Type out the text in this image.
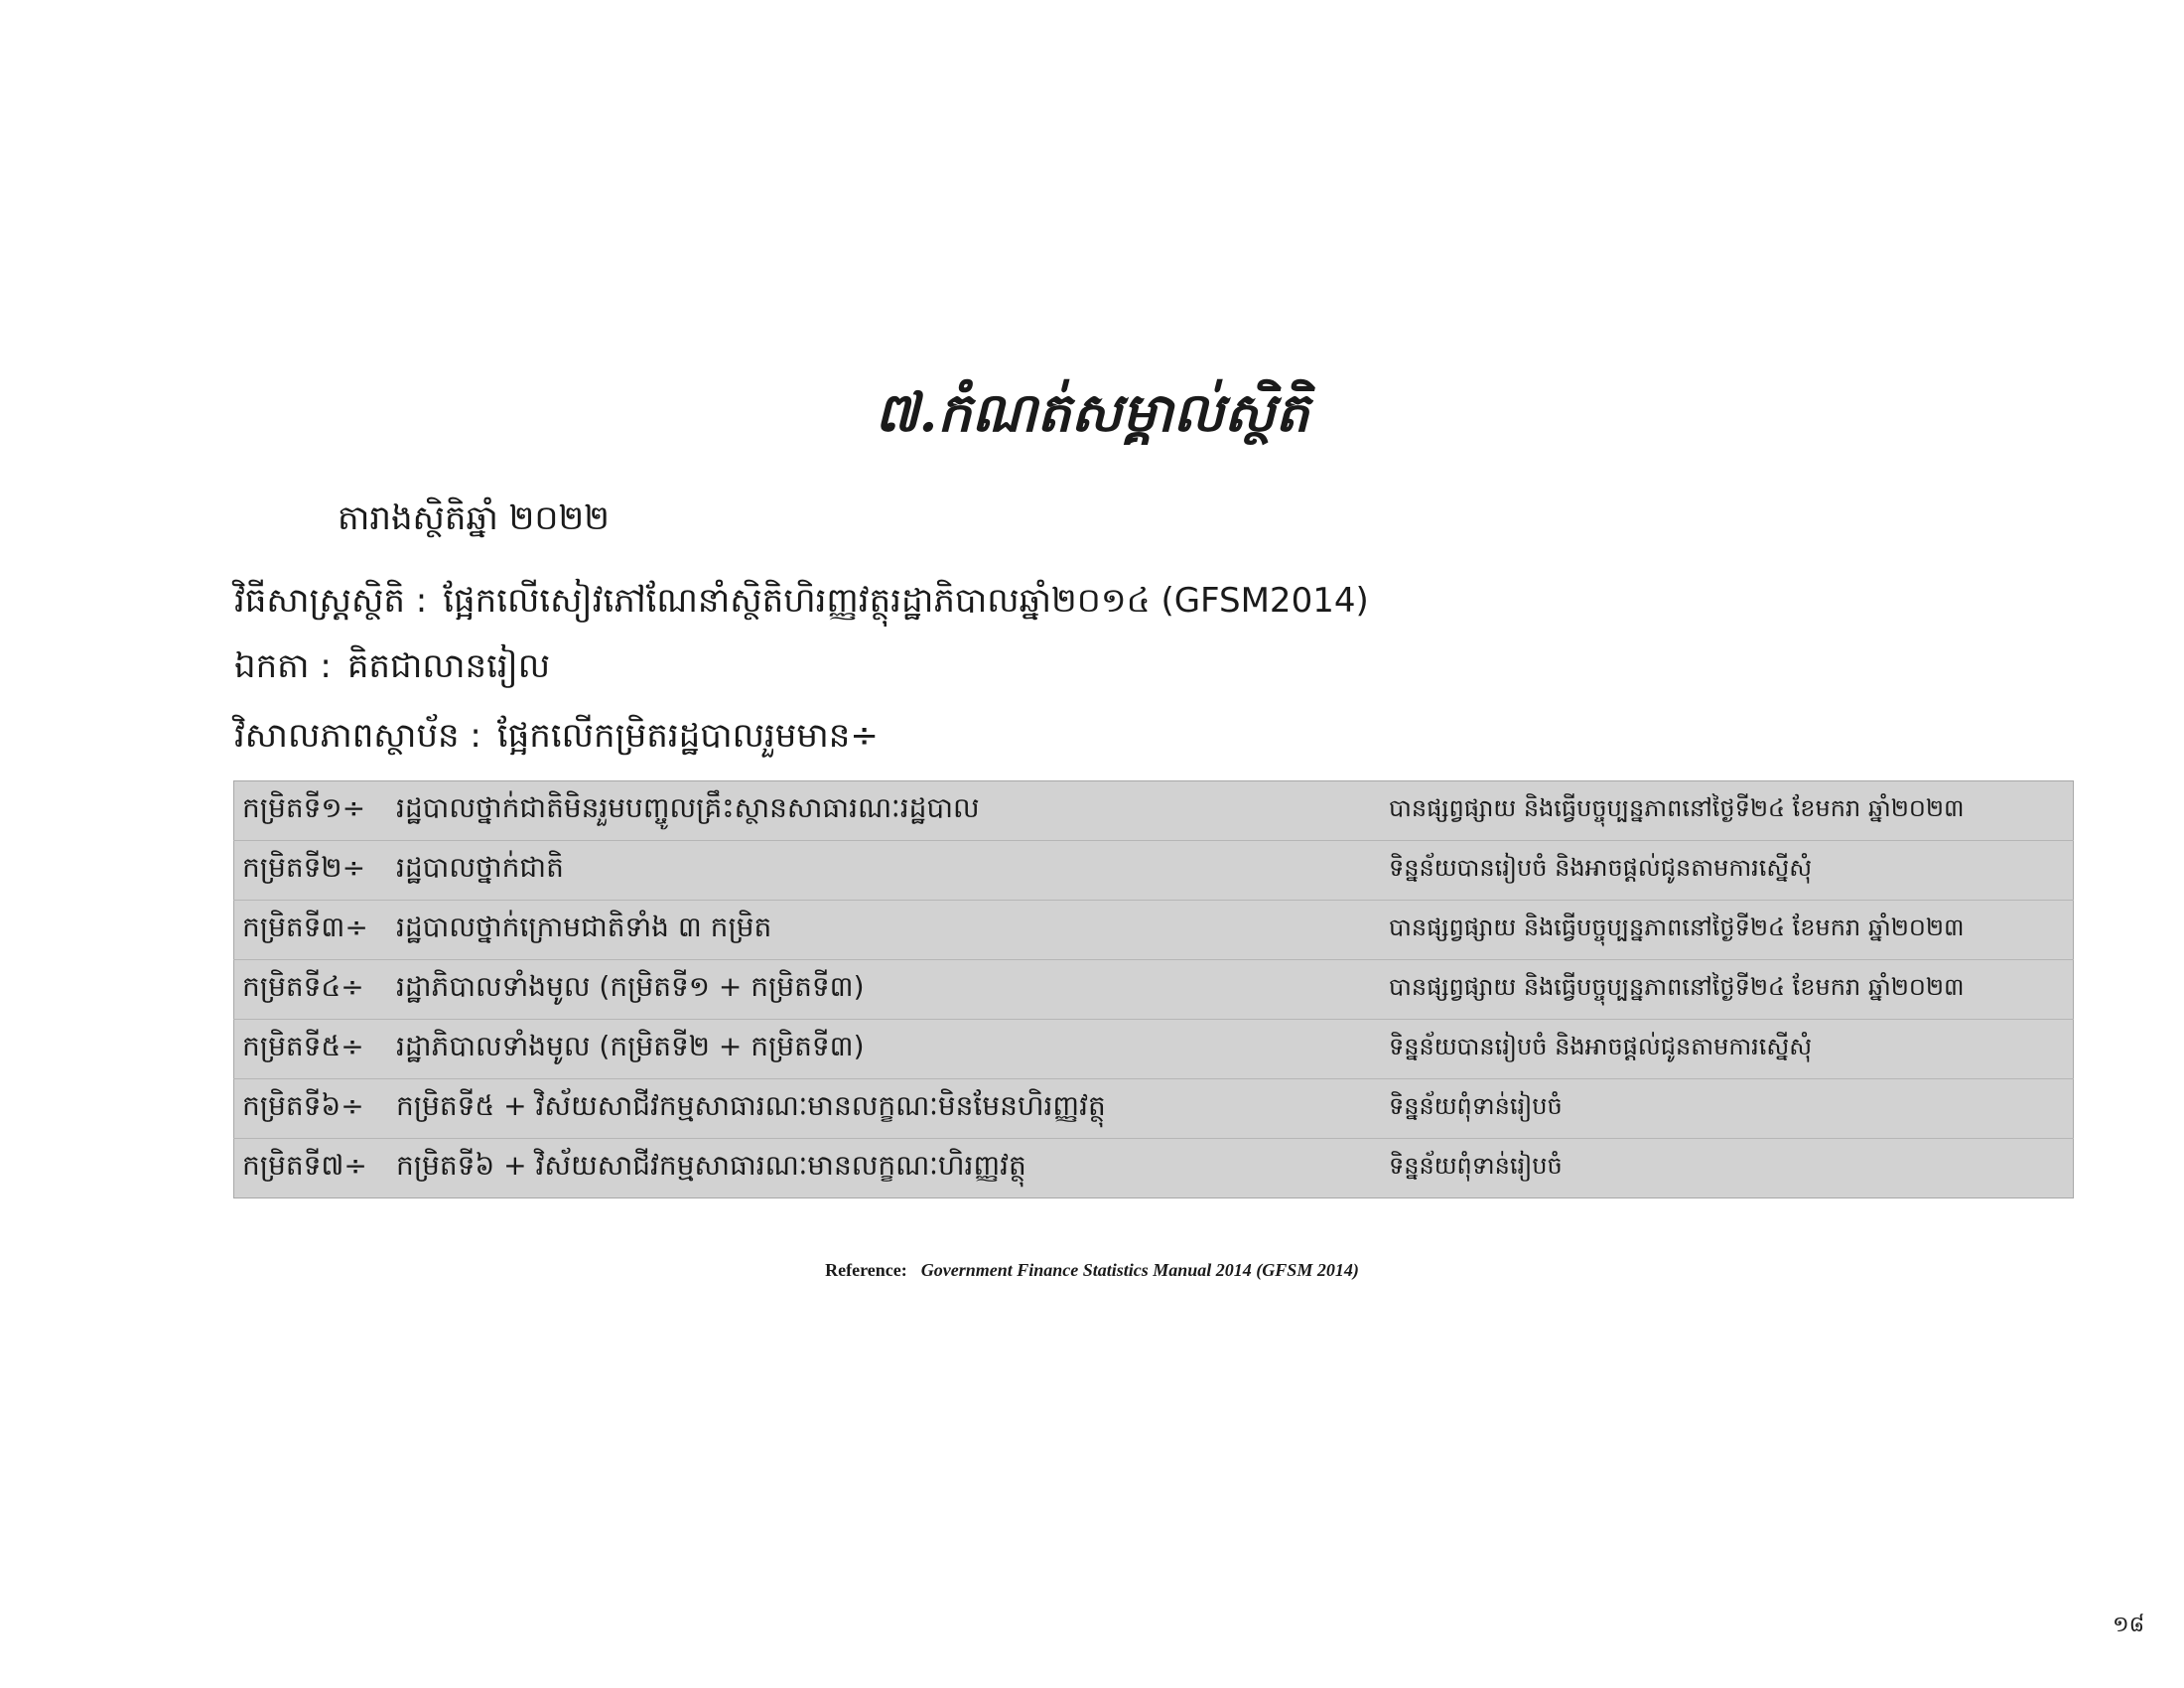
៧.កំណត់សម្គាល់ស្ថិតិ
តារាងស្ថិតិឆ្នាំ ២០២២
វិធីសាស្រ្តស្ថិតិ : ផ្អែកលើសៀវភៅណែនាំស្ថិតិហិរញ្ញវត្ថុរដ្ឋាភិបាលឆ្នាំ២០១៤ (GFSM2014)
ឯកតា : គិតជាលានរៀល
វិសាលភាពស្ថាប័ន : ផ្អែកលើកម្រិតរដ្ឋបាលរួមមាន÷
កម្រិតទី១÷	រដ្ឋបាលថ្នាក់ជាតិមិនរួមបញ្ចូលគ្រឹះស្ថានសាធារណៈរដ្ឋបាល	បានផ្សព្វផ្សាយ និងធ្វើបច្ចុប្បន្នភាពនៅថ្ងៃទី២៤ ខែមករា ឆ្នាំ២០២៣
កម្រិតទី២÷	រដ្ឋបាលថ្នាក់ជាតិ	ទិន្នន័យបានរៀបចំ និងអាចផ្តល់ជូនតាមការស្នើសុំ
កម្រិតទី៣÷	រដ្ឋបាលថ្នាក់ក្រោមជាតិទាំង ៣ កម្រិត	បានផ្សព្វផ្សាយ និងធ្វើបច្ចុប្បន្នភាពនៅថ្ងៃទី២៤ ខែមករា ឆ្នាំ២០២៣
កម្រិតទី៤÷	រដ្ឋាភិបាលទាំងមូល (កម្រិតទី១ + កម្រិតទី៣)	បានផ្សព្វផ្សាយ និងធ្វើបច្ចុប្បន្នភាពនៅថ្ងៃទី២៤ ខែមករា ឆ្នាំ២០២៣
កម្រិតទី៥÷	រដ្ឋាភិបាលទាំងមូល (កម្រិតទី២ + កម្រិតទី៣)	ទិន្នន័យបានរៀបចំ និងអាចផ្តល់ជូនតាមការស្នើសុំ
កម្រិតទី៦÷	កម្រិតទី៥ + វិស័យសាជីវកម្មសាធារណៈមានលក្ខណៈមិនមែនហិរញ្ញវត្ថុ	ទិន្នន័យពុំទាន់រៀបចំ
កម្រិតទី៧÷	កម្រិតទី៦ + វិស័យសាជីវកម្មសាធារណៈមានលក្ខណៈហិរញ្ញវត្ថុ	ទិន្នន័យពុំទាន់រៀបចំ
Reference: Government Finance Statistics Manual 2014 (GFSM 2014)
១៨
